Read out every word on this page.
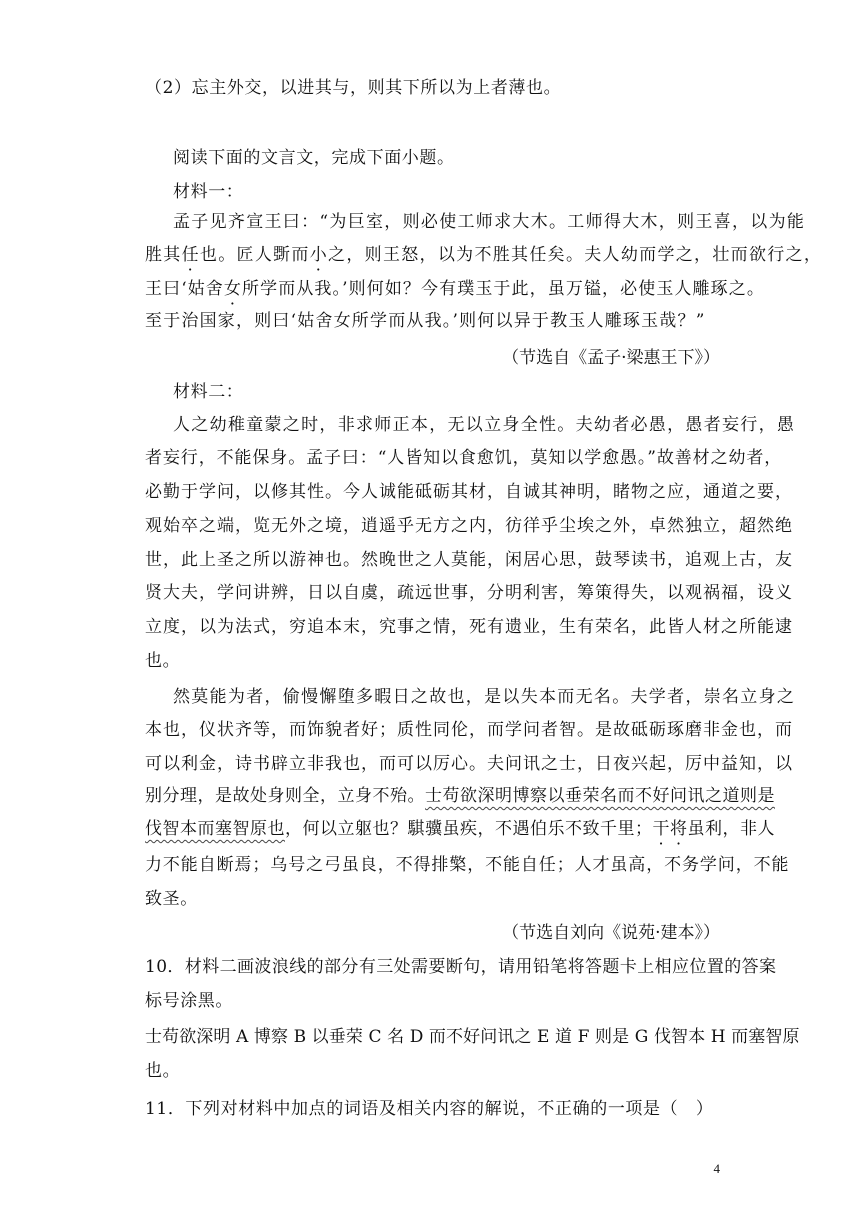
（2）忘主外交，以进其与，则其下所以为上者薄也。
阅读下面的文言文，完成下面小题。
材料一：
孟子见齐宣王曰：“为巨室，则必使工师求大木。工师得大木，则王喜，以为能
胜其任也。匠人斲而小之，则王怒，以为不胜其任矣。夫人幼而学之，壮而欲行之，
王曰‘姑舍女所学而从我。’则何如？今有璞玉于此，虽万镒，必使玉人雕琢之。
至于治国家，则曰‘姑舍女所学而从我。’则何以异于教玉人雕琢玉哉？”
（节选自《孟子·梁惠王下》）
材料二：
人之幼稚童蒙之时，非求师正本，无以立身全性。夫幼者必愚，愚者妄行，愚
者妄行，不能保身。孟子曰：“人皆知以食愈饥，莫知以学愈愚。”故善材之幼者，
必勤于学问，以修其性。今人诚能砥砺其材，自诚其神明，睹物之应，通道之要，
观始卒之端，览无外之境，逍遥乎无方之内，彷徉乎尘埃之外，卓然独立，超然绝
世，此上圣之所以游神也。然晚世之人莫能，闲居心思，鼓琴读书，追观上古，友
贤大夫，学问讲辨，日以自虞，疏远世事，分明利害，筹策得失，以观祸福，设义
立度，以为法式，穷追本末，究事之情，死有遗业，生有荣名，此皆人材之所能逮
也。
然莫能为者，偷慢懈堕多暇日之故也，是以失本而无名。夫学者，崇名立身之
本也，仪状齐等，而饰貌者好；质性同伦，而学问者智。是故砥砺琢磨非金也，而
可以利金，诗书辟立非我也，而可以厉心。夫问讯之士，日夜兴起，厉中益知，以
别分理，是故处身则全，立身不殆。士苟欲深明博察以垂荣名而不好问讯之道则是
伐智本而塞智原也，何以立躯也？騏骥虽疾，不遇伯乐不致千里；干将虽利，非人
力不能自断焉；乌号之弓虽良，不得排檠，不能自任；人才虽高，不务学问，不能
致圣。
（节选自刘向《说苑·建本》）
10．材料二画波浪线的部分有三处需要断句，请用铅笔将答题卡上相应位置的答案
标号涂黑。
士苟欲深明 A 博察 B 以垂荣 C 名 D 而不好问讯之 E 道 F 则是 G 伐智本 H 而塞智原
也。
11．下列对材料中加点的词语及相关内容的解说，不正确的一项是（　）
4
